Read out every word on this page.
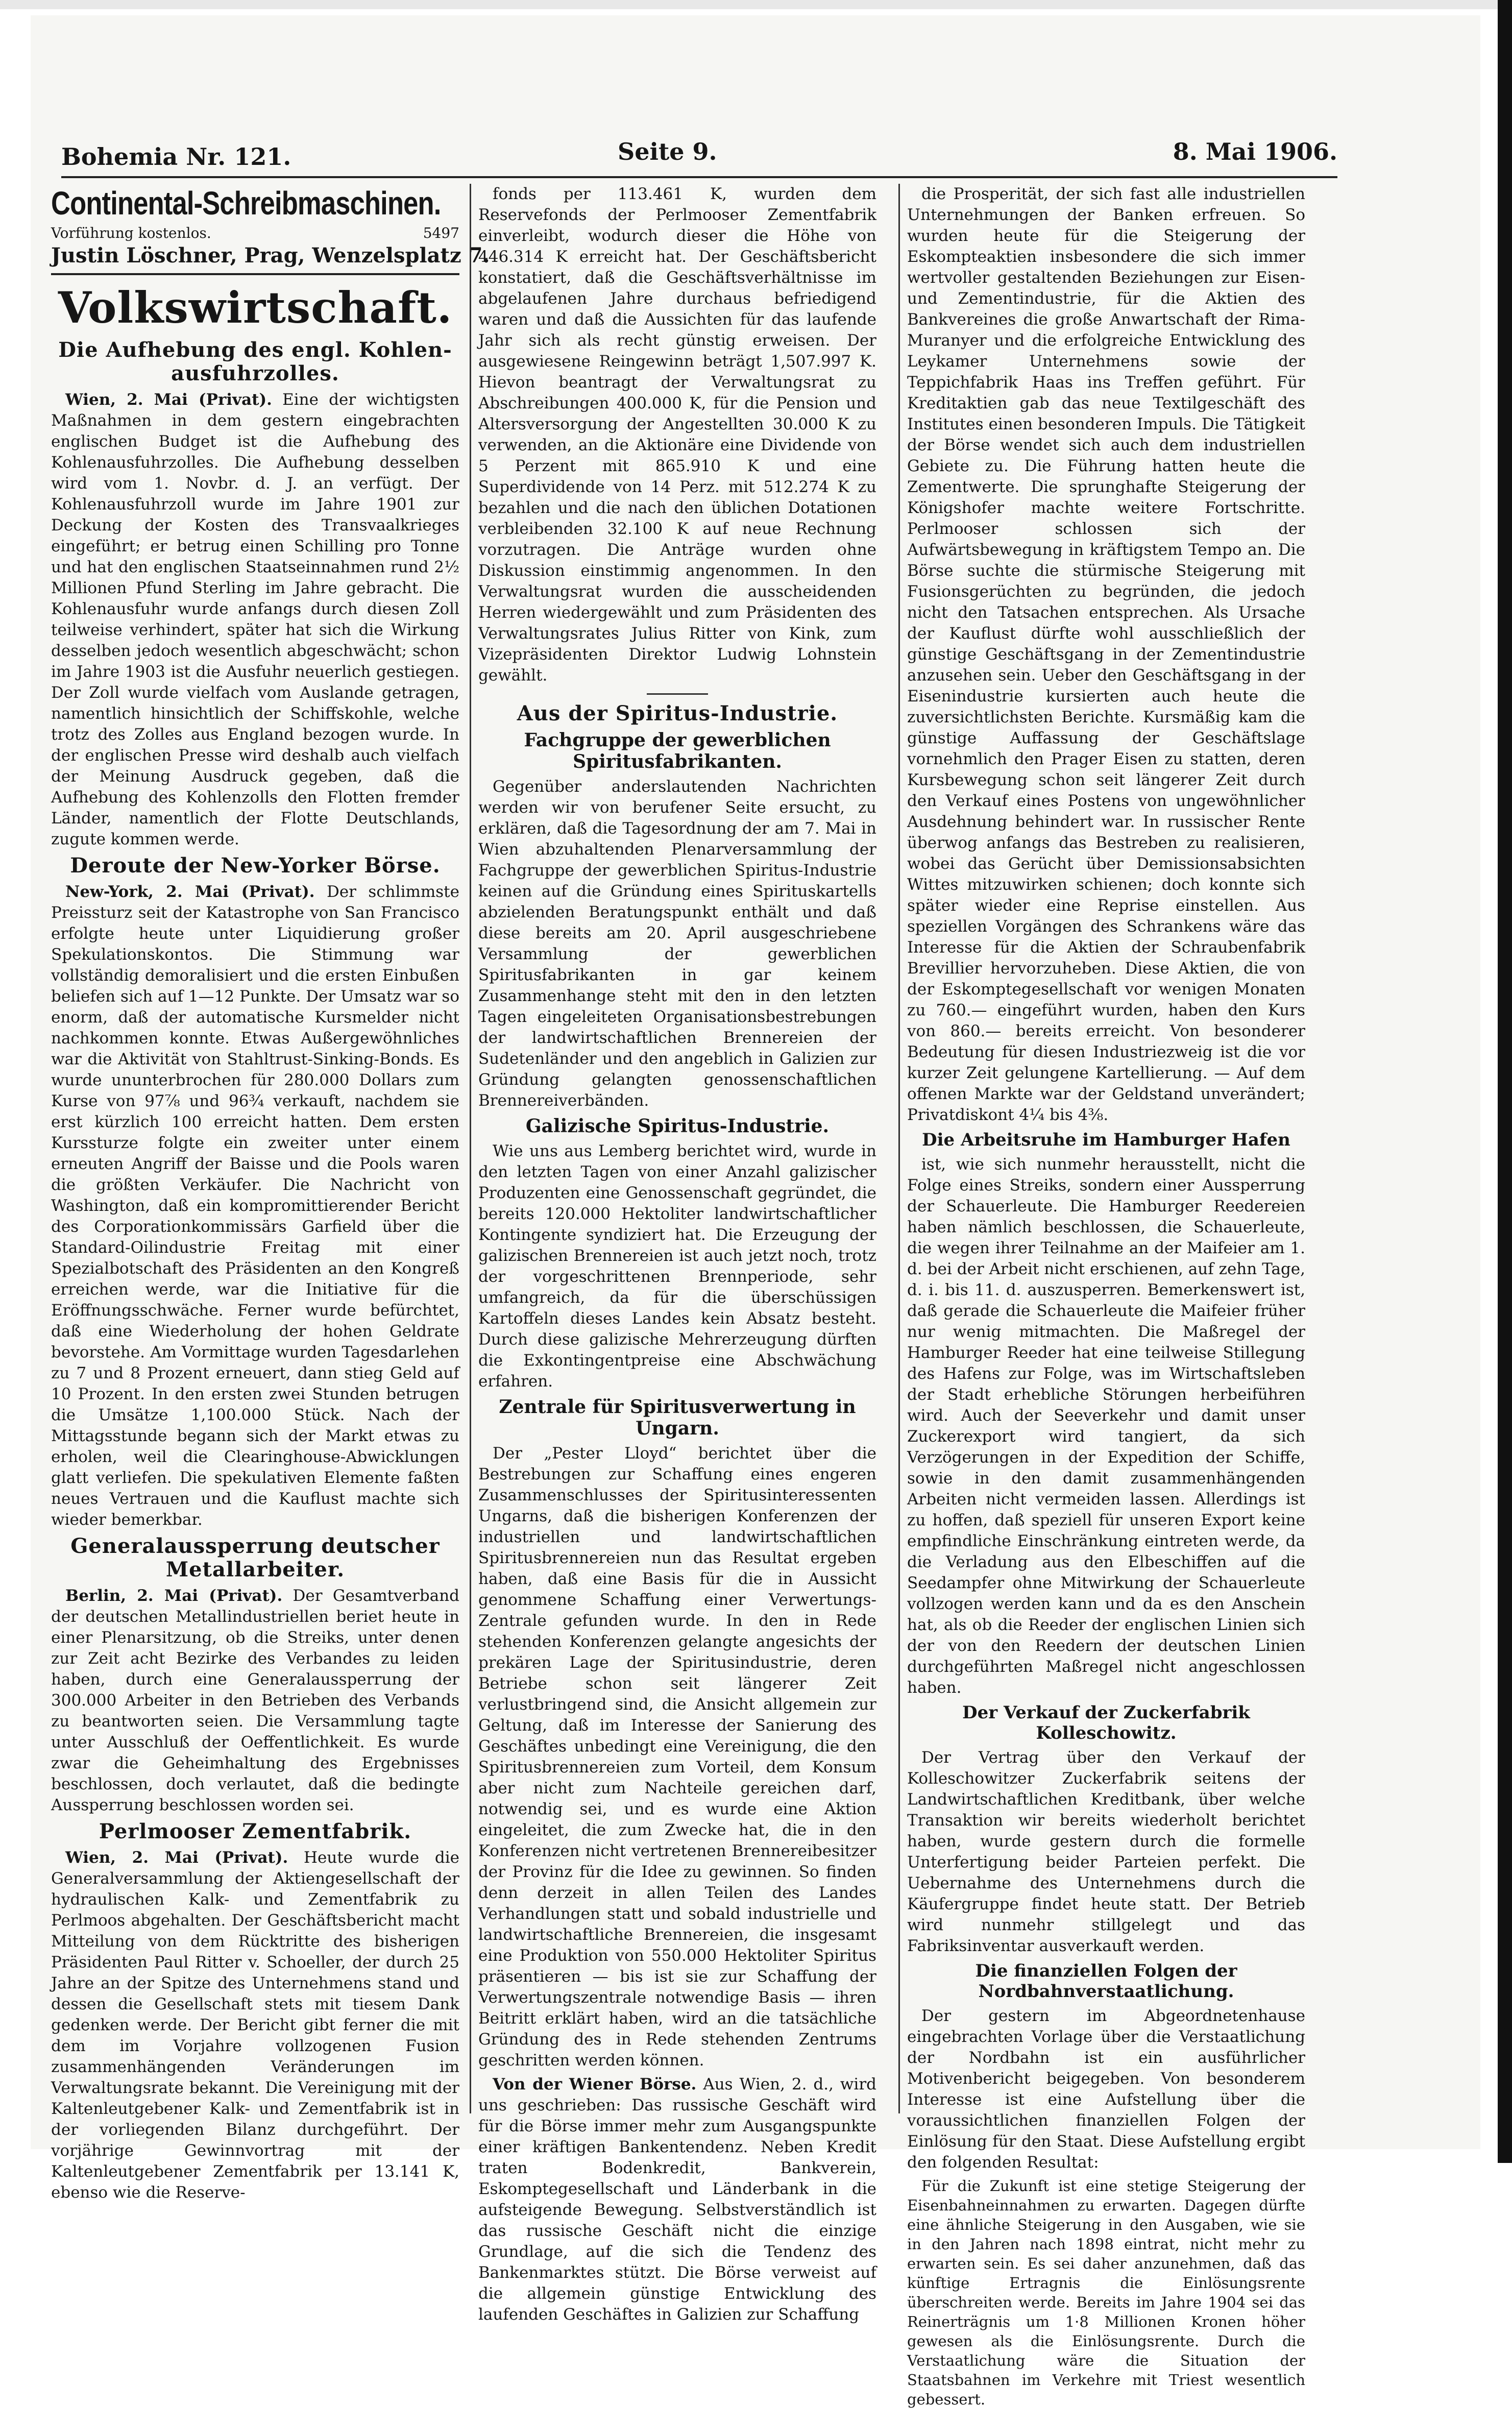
Bohemia Nr. 121.	Seite 9.	8. Mai 1906.
Continental-Schreibmaschinen.
Vorführung kostenlos.	5497
Justin Löschner, Prag, Wenzelsplatz 7.
Volkswirtschaft.
Die Aufhebung des engl. Kohlen-ausfuhrzolles.

Wien, 2. Mai (Privat). Eine der wichtigsten Maßnahmen in dem gestern eingebrachten englischen Budget ist die Aufhebung des Kohlenausfuhrzolles. Die Aufhebung desselben wird vom 1. Novbr. d. J. an verfügt. Der Kohlenausfuhrzoll wurde im Jahre 1901 zur Deckung der Kosten des Transvaalkrieges eingeführt; er betrug einen Schilling pro Tonne und hat den englischen Staatseinnahmen rund 2½ Millionen Pfund Sterling im Jahre gebracht. Die Kohlenausfuhr wurde anfangs durch diesen Zoll teilweise verhindert, später hat sich die Wirkung desselben jedoch wesentlich abgeschwächt; schon im Jahre 1903 ist die Ausfuhr neuerlich gestiegen. Der Zoll wurde vielfach vom Auslande getragen, namentlich hinsichtlich der Schiffskohle, welche trotz des Zolles aus England bezogen wurde. In der englischen Presse wird deshalb auch vielfach der Meinung Ausdruck gegeben, daß die Aufhebung des Kohlenzolls den Flotten fremder Länder, namentlich der Flotte Deutschlands, zugute kommen werde.

Deroute der New-Yorker Börse.

New-York, 2. Mai (Privat). Der schlimmste Preissturz seit der Katastrophe von San Francisco erfolgte heute unter Liquidierung großer Spekulationskontos. Die Stimmung war vollständig demoralisiert und die ersten Einbußen beliefen sich auf 1—12 Punkte. Der Umsatz war so enorm, daß der automatische Kursmelder nicht nachkommen konnte. Etwas Außergewöhnliches war die Aktivität von Stahltrust-Sinking-Bonds. Es wurde ununterbrochen für 280.000 Dollars zum Kurse von 97⅞ und 96¾ verkauft, nachdem sie erst kürzlich 100 erreicht hatten. Dem ersten Kurssturze folgte ein zweiter unter einem erneuten Angriff der Baisse und die Pools waren die größten Verkäufer. Die Nachricht von Washington, daß ein kompromittierender Bericht des Corporationkommissärs Garfield über die Standard-Oilindustrie Freitag mit einer Spezialbotschaft des Präsidenten an den Kongreß erreichen werde, war die Initiative für die Eröffnungsschwäche. Ferner wurde befürchtet, daß eine Wiederholung der hohen Geldrate bevorstehe. Am Vormittage wurden Tagesdarlehen zu 7 und 8 Prozent erneuert, dann stieg Geld auf 10 Prozent. In den ersten zwei Stunden betrugen die Umsätze 1,100.000 Stück. Nach der Mittagsstunde begann sich der Markt etwas zu erholen, weil die Clearinghouse-Abwicklungen glatt verliefen. Die spekulativen Elemente faßten neues Vertrauen und die Kauflust machte sich wieder bemerkbar.

Generalaussperrung deutscher Metallarbeiter.

Berlin, 2. Mai (Privat). Der Gesamtverband der deutschen Metallindustriellen beriet heute in einer Plenarsitzung, ob die Streiks, unter denen zur Zeit acht Bezirke des Verbandes zu leiden haben, durch eine Generalaussperrung der 300.000 Arbeiter in den Betrieben des Verbands zu beantworten seien. Die Versammlung tagte unter Ausschluß der Oeffentlichkeit. Es wurde zwar die Geheimhaltung des Ergebnisses beschlossen, doch verlautet, daß die bedingte Aussperrung beschlossen worden sei.

Perlmooser Zementfabrik.

Wien, 2. Mai (Privat). Heute wurde die Generalversammlung der Aktiengesellschaft der hydraulischen Kalk- und Zementfabrik zu Perlmoos abgehalten. Der Geschäftsbericht macht Mitteilung von dem Rücktritte des bisherigen Präsidenten Paul Ritter v. Schoeller, der durch 25 Jahre an der Spitze des Unternehmens stand und dessen die Gesellschaft stets mit tiesem Dank gedenken werde. Der Bericht gibt ferner die mit dem im Vorjahre vollzogenen Fusion zusammenhängenden Veränderungen im Verwaltungsrate bekannt. Die Vereinigung mit der Kaltenleutgebener Kalk- und Zementfabrik ist in der vorliegenden Bilanz durchgeführt. Der vorjährige Gewinnvortrag mit der Kaltenleutgebener Zementfabrik per 13.141 K, ebenso wie die Reserve-

fonds per 113.461 K, wurden dem Reservefonds der Perlmooser Zementfabrik einverleibt, wodurch dieser die Höhe von 446.314 K erreicht hat. Der Geschäftsbericht konstatiert, daß die Geschäftsverhältnisse im abgelaufenen Jahre durchaus befriedigend waren und daß die Aussichten für das laufende Jahr sich als recht günstig erweisen. Der ausgewiesene Reingewinn beträgt 1,507.997 K. Hievon beantragt der Verwaltungsrat zu Abschreibungen 400.000 K, für die Pension und Altersversorgung der Angestellten 30.000 K zu verwenden, an die Aktionäre eine Dividende von 5 Perzent mit 865.910 K und eine Superdividende von 14 Perz. mit 512.274 K zu bezahlen und die nach den üblichen Dotationen verbleibenden 32.100 K auf neue Rechnung vorzutragen. Die Anträge wurden ohne Diskussion einstimmig angenommen. In den Verwaltungsrat wurden die ausscheidenden Herren wiedergewählt und zum Präsidenten des Verwaltungsrates Julius Ritter von Kink, zum Vizepräsidenten Direktor Ludwig Lohnstein gewählt.

Aus der Spiritus-Industrie.
Fachgruppe der gewerblichen Spiritusfabrikanten.

Gegenüber anderslautenden Nachrichten werden wir von berufener Seite ersucht, zu erklären, daß die Tagesordnung der am 7. Mai in Wien abzuhaltenden Plenarversammlung der Fachgruppe der gewerblichen Spiritus-Industrie keinen auf die Gründung eines Spirituskartells abzielenden Beratungspunkt enthält und daß diese bereits am 20. April ausgeschriebene Versammlung der gewerblichen Spiritusfabrikanten in gar keinem Zusammenhange steht mit den in den letzten Tagen eingeleiteten Organisationsbestrebungen der landwirtschaftlichen Brennereien der Sudetenländer und den angeblich in Galizien zur Gründung gelangten genossenschaftlichen Brennereiverbänden.

Galizische Spiritus-Industrie.

Wie uns aus Lemberg berichtet wird, wurde in den letzten Tagen von einer Anzahl galizischer Produzenten eine Genossenschaft gegründet, die bereits 120.000 Hektoliter landwirtschaftlicher Kontingente syndiziert hat. Die Erzeugung der galizischen Brennereien ist auch jetzt noch, trotz der vorgeschrittenen Brennperiode, sehr umfangreich, da für die überschüssigen Kartoffeln dieses Landes kein Absatz besteht. Durch diese galizische Mehrerzeugung dürften die Exkontingentpreise eine Abschwächung erfahren.

Zentrale für Spiritusverwertung in Ungarn.

Der „Pester Lloyd“ berichtet über die Bestrebungen zur Schaffung eines engeren Zusammenschlusses der Spiritusinteressenten Ungarns, daß die bisherigen Konferenzen der industriellen und landwirtschaftlichen Spiritusbrennereien nun das Resultat ergeben haben, daß eine Basis für die in Aussicht genommene Schaffung einer Verwertungs-Zentrale gefunden wurde. In den in Rede stehenden Konferenzen gelangte angesichts der prekären Lage der Spiritusindustrie, deren Betriebe schon seit längerer Zeit verlustbringend sind, die Ansicht allgemein zur Geltung, daß im Interesse der Sanierung des Geschäftes unbedingt eine Vereinigung, die den Spiritusbrennereien zum Vorteil, dem Konsum aber nicht zum Nachteile gereichen darf, notwendig sei, und es wurde eine Aktion eingeleitet, die zum Zwecke hat, die in den Konferenzen nicht vertretenen Brennereibesitzer der Provinz für die Idee zu gewinnen. So finden denn derzeit in allen Teilen des Landes Verhandlungen statt und sobald industrielle und landwirtschaftliche Brennereien, die insgesamt eine Produktion von 550.000 Hektoliter Spiritus präsentieren — bis ist sie zur Schaffung der Verwertungszentrale notwendige Basis — ihren Beitritt erklärt haben, wird an die tatsächliche Gründung des in Rede stehenden Zentrums geschritten werden können.

Von der Wiener Börse. Aus Wien, 2. d., wird uns geschrieben: Das russische Geschäft wird für die Börse immer mehr zum Ausgangspunkte einer kräftigen Bankentendenz. Neben Kredit traten Bodenkredit, Bankverein, Eskomptegesellschaft und Länderbank in die aufsteigende Bewegung. Selbstverständlich ist das russische Geschäft nicht die einzige Grundlage, auf die sich die Tendenz des Bankenmarktes stützt. Die Börse verweist auf die allgemein günstige Entwicklung des laufenden Geschäftes in Galizien zur Schaffung

die Prosperität, der sich fast alle industriellen Unternehmungen der Banken erfreuen. So wurden heute für die Steigerung der Eskompteaktien insbesondere die sich immer wertvoller gestaltenden Beziehungen zur Eisen- und Zementindustrie, für die Aktien des Bankvereines die große Anwartschaft der Rima-Muranyer und die erfolgreiche Entwicklung des Leykamer Unternehmens sowie der Teppichfabrik Haas ins Treffen geführt. Für Kreditaktien gab das neue Textilgeschäft des Institutes einen besonderen Impuls. Die Tätigkeit der Börse wendet sich auch dem industriellen Gebiete zu. Die Führung hatten heute die Zementwerte. Die sprunghafte Steigerung der Königshofer machte weitere Fortschritte. Perlmooser schlossen sich der Aufwärtsbewegung in kräftigstem Tempo an. Die Börse suchte die stürmische Steigerung mit Fusionsgerüchten zu begründen, die jedoch nicht den Tatsachen entsprechen. Als Ursache der Kauflust dürfte wohl ausschließlich der günstige Geschäftsgang in der Zementindustrie anzusehen sein. Ueber den Geschäftsgang in der Eisenindustrie kursierten auch heute die zuversichtlichsten Berichte. Kursmäßig kam die günstige Auffassung der Geschäftslage vornehmlich den Prager Eisen zu statten, deren Kursbewegung schon seit längerer Zeit durch den Verkauf eines Postens von ungewöhnlicher Ausdehnung behindert war. In russischer Rente überwog anfangs das Bestreben zu realisieren, wobei das Gerücht über Demissionsabsichten Wittes mitzuwirken schienen; doch konnte sich später wieder eine Reprise einstellen. Aus speziellen Vorgängen des Schrankens wäre das Interesse für die Aktien der Schraubenfabrik Brevillier hervorzuheben. Diese Aktien, die von der Eskomptegesellschaft vor wenigen Monaten zu 760.— eingeführt wurden, haben den Kurs von 860.— bereits erreicht. Von besonderer Bedeutung für diesen Industriezweig ist die vor kurzer Zeit gelungene Kartellierung. — Auf dem offenen Markte war der Geldstand unverändert; Privatdiskont 4¼ bis 4⅜.

Die Arbeitsruhe im Hamburger Hafen

ist, wie sich nunmehr herausstellt, nicht die Folge eines Streiks, sondern einer Aussperrung der Schauerleute. Die Hamburger Reedereien haben nämlich beschlossen, die Schauerleute, die wegen ihrer Teilnahme an der Maifeier am 1. d. bei der Arbeit nicht erschienen, auf zehn Tage, d. i. bis 11. d. auszusperren. Bemerkenswert ist, daß gerade die Schauerleute die Maifeier früher nur wenig mitmachten. Die Maßregel der Hamburger Reeder hat eine teilweise Stillegung des Hafens zur Folge, was im Wirtschaftsleben der Stadt erhebliche Störungen herbeiführen wird. Auch der Seeverkehr und damit unser Zuckerexport wird tangiert, da sich Verzögerungen in der Expedition der Schiffe, sowie in den damit zusammenhängenden Arbeiten nicht vermeiden lassen. Allerdings ist zu hoffen, daß speziell für unseren Export keine empfindliche Einschränkung eintreten werde, da die Verladung aus den Elbeschiffen auf die Seedampfer ohne Mitwirkung der Schauerleute vollzogen werden kann und da es den Anschein hat, als ob die Reeder der englischen Linien sich der von den Reedern der deutschen Linien durchgeführten Maßregel nicht angeschlossen haben.

Der Verkauf der Zuckerfabrik Kolleschowitz.

Der Vertrag über den Verkauf der Kolleschowitzer Zuckerfabrik seitens der Landwirtschaftlichen Kreditbank, über welche Transaktion wir bereits wiederholt berichtet haben, wurde gestern durch die formelle Unterfertigung beider Parteien perfekt. Die Uebernahme des Unternehmens durch die Käufergruppe findet heute statt. Der Betrieb wird nunmehr stillgelegt und das Fabriksinventar ausverkauft werden.

Die finanziellen Folgen der Nordbahnverstaatlichung.

Der gestern im Abgeordnetenhause eingebrachten Vorlage über die Verstaatlichung der Nordbahn ist ein ausführlicher Motivenbericht beigegeben. Von besonderem Interesse ist eine Aufstellung über die voraussichtlichen finanziellen Folgen der Einlösung für den Staat. Diese Aufstellung ergibt den folgenden Resultat:

Für die Zukunft ist eine stetige Steigerung der Eisenbahneinnahmen zu erwarten. Dagegen dürfte eine ähnliche Steigerung in den Ausgaben, wie sie in den Jahren nach 1898 eintrat, nicht mehr zu erwarten sein. Es sei daher anzunehmen, daß das künftige Ertragnis die Einlösungsrente überschreiten werde. Bereits im Jahre 1904 sei das Reinerträgnis um 1·8 Millionen Kronen höher gewesen als die Einlösungsrente. Durch die Verstaatlichung wäre die Situation der Staatsbahnen im Verkehre mit Triest wesentlich gebessert.
